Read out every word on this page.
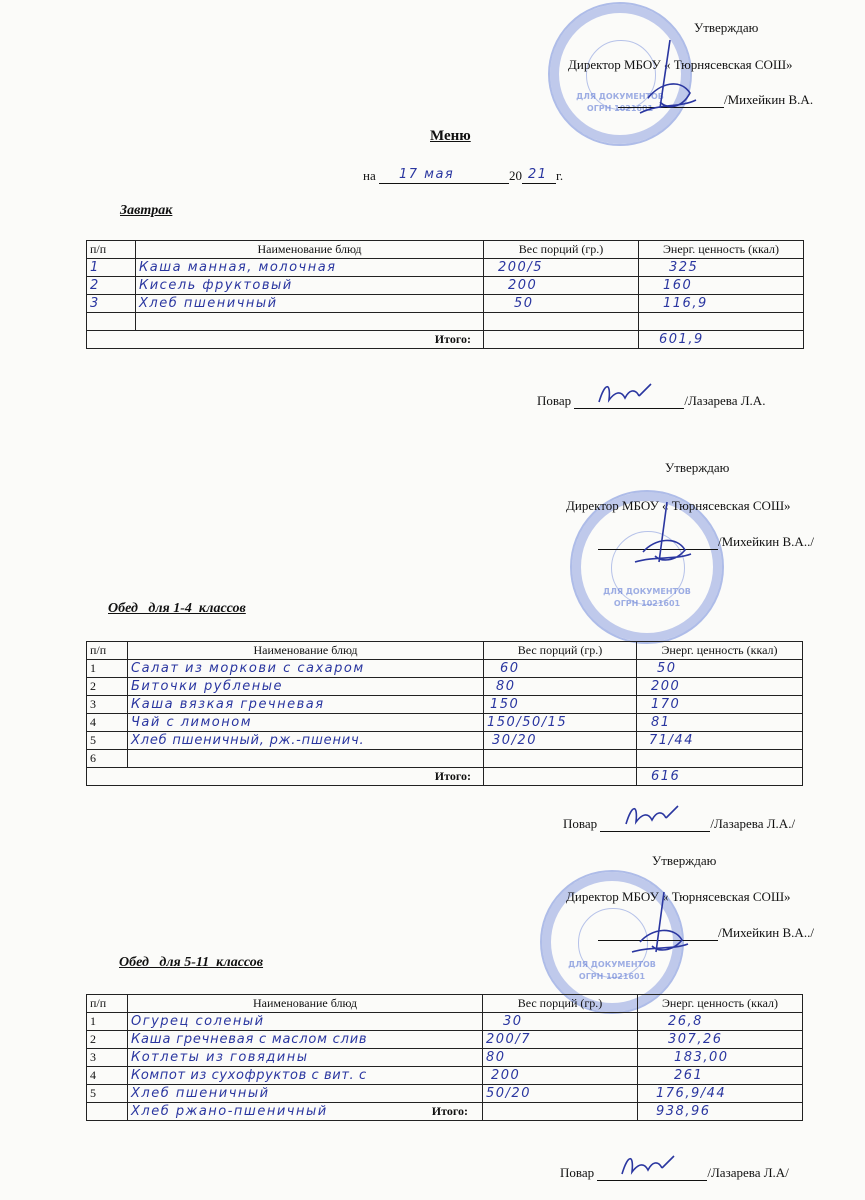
ДЛЯ ДОКУМЕНТОВ
ОГРН 1021601
ДЛЯ ДОКУМЕНТОВ
ОГРН 1021601
ДЛЯ ДОКУМЕНТОВ
ОГРН 1021601
Утверждаю
Директор МБОУ « Тюрнясевская СОШ»
/Михейкин В.А.
Меню
на 17 мая	20 21 г.
Завтрак
п/п	Наименование блюд	Вес порций (гр.)	Энерг. ценность (ккал)
1	Каша манная, молочная	200/5	325
2	Кисель фруктовый	200	160
3	Хлеб пшеничный	50	116,9

Итого:			601,9
Повар	/Лазарева Л.А.
Утверждаю
Директор МБОУ « Тюрнясевская СОШ»
/Михейкин В.А../
Обед   для 1-4  классов
п/п	Наименование блюд	Вес порций (гр.)	Энерг. ценность (ккал)
1	Салат из моркови с сахаром	60	50
2	Биточки рубленые	80	200
3	Каша вязкая гречневая	150	170
4	Чай с лимоном	150/50/15	81
5	Хлеб пшеничный, рж.-пшенич.	30/20	71/44
6			
Итого:			616
Повар	/Лазарева Л.А./
Утверждаю
Директор МБОУ « Тюрнясевская СОШ»
/Михейкин В.А../
Обед   для 5-11  классов
п/п	Наименование блюд	Вес порций (гр.)	Энерг. ценность (ккал)
1	Огурец соленый	30	26,8
2	Каша гречневая с маслом слив	200/7	307,26
3	Котлеты из говядины	80	183,00
4	Компот из сухофруктов с вит. с	200	261
5	Хлеб пшеничный	50/20	176,9/44
	Хлеб ржано-пшеничный Итого:		938,96
Повар	/Лазарева Л.А/
